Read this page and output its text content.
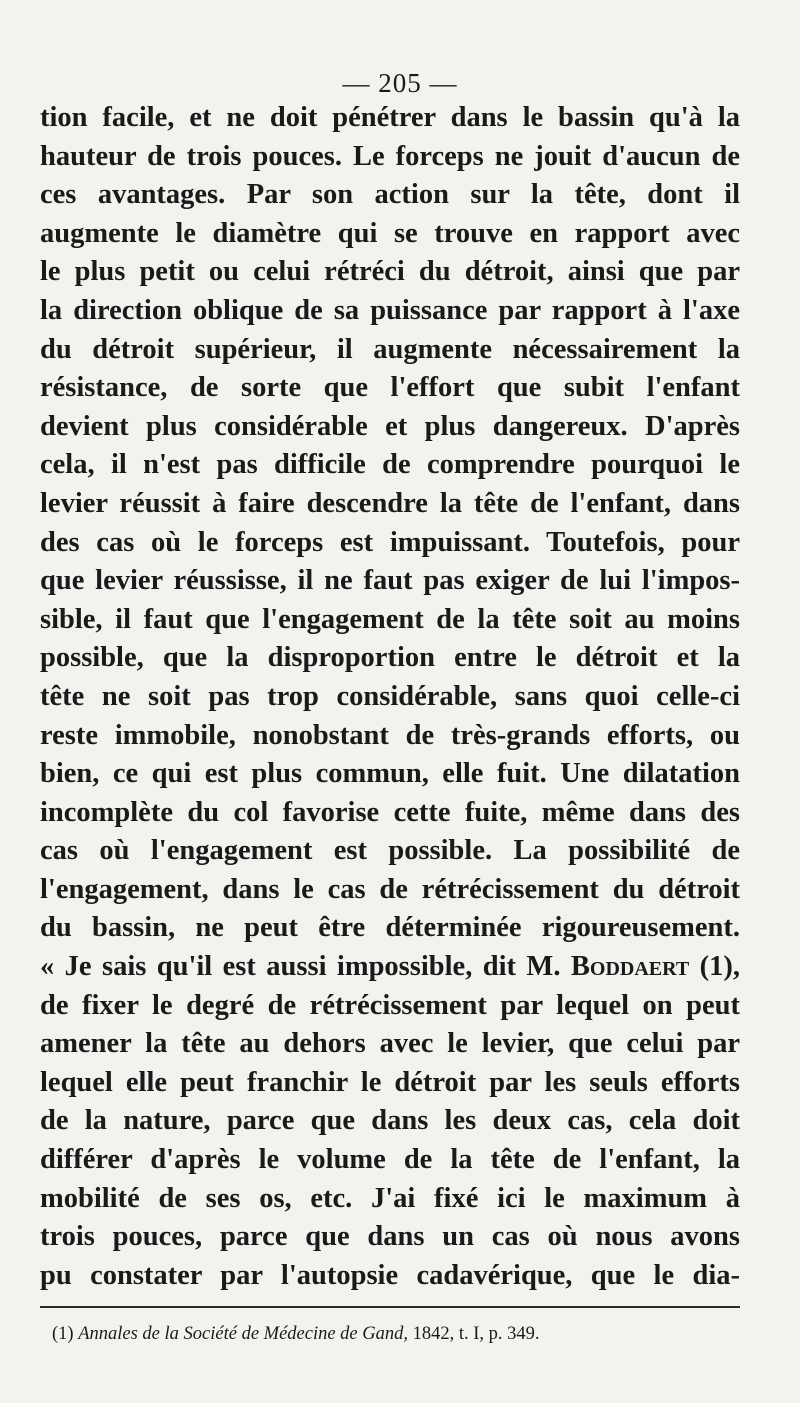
— 205 —
tion facile, et ne doit pénétrer dans le bassin qu'à la
hauteur de trois pouces. Le forceps ne jouit d'aucun de
ces avantages. Par son action sur la tête, dont il
augmente le diamètre qui se trouve en rapport avec
le plus petit ou celui rétréci du détroit, ainsi que par
la direction oblique de sa puissance par rapport à l'axe
du détroit supérieur, il augmente nécessairement la
résistance, de sorte que l'effort que subit l'enfant
devient plus considérable et plus dangereux. D'après
cela, il n'est pas difficile de comprendre pourquoi le
levier réussit à faire descendre la tête de l'enfant, dans
des cas où le forceps est impuissant. Toutefois, pour
que levier réussisse, il ne faut pas exiger de lui l'impos-
sible, il faut que l'engagement de la tête soit au moins
possible, que la disproportion entre le détroit et la
tête ne soit pas trop considérable, sans quoi celle-ci
reste immobile, nonobstant de très-grands efforts, ou
bien, ce qui est plus commun, elle fuit. Une dilatation
incomplète du col favorise cette fuite, même dans des
cas où l'engagement est possible. La possibilité de
l'engagement, dans le cas de rétrécissement du détroit
du bassin, ne peut être déterminée rigoureusement.
« Je sais qu'il est aussi impossible, dit M. Boddaert (1),
de fixer le degré de rétrécissement par lequel on peut
amener la tête au dehors avec le levier, que celui par
lequel elle peut franchir le détroit par les seuls efforts
de la nature, parce que dans les deux cas, cela doit
différer d'après le volume de la tête de l'enfant, la
mobilité de ses os, etc. J'ai fixé ici le maximum à
trois pouces, parce que dans un cas où nous avons
pu constater par l'autopsie cadavérique, que le dia-
(1) Annales de la Société de Médecine de Gand, 1842, t. I, p. 349.
